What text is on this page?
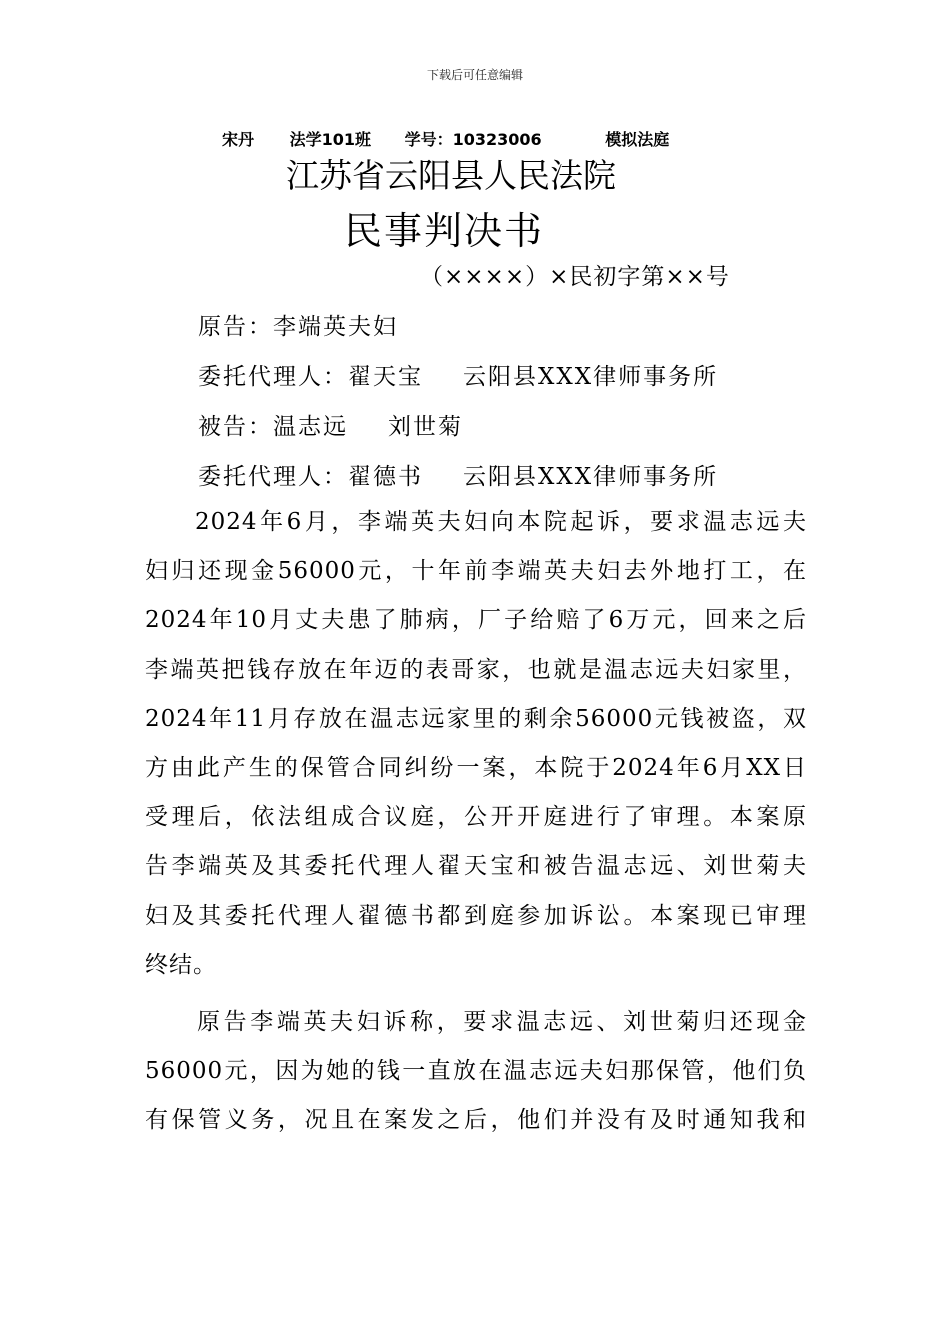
下载后可任意编辑
宋丹 法学101班 学号：10323006	模拟法庭
江苏省云阳县人民法院
民事判决书
（××××）×民初字第××号
原告：李端英夫妇
委托代理人：翟天宝 云阳县XXX律师事务所
被告：温志远 刘世菊
委托代理人：翟德书 云阳县XXX律师事务所
2024年6月，李端英夫妇向本院起诉，要求温志远夫
妇归还现金56000元，十年前李端英夫妇去外地打工，在
2024年10月丈夫患了肺病，厂子给赔了6万元，回来之后
李端英把钱存放在年迈的表哥家，也就是温志远夫妇家里，
2024年11月存放在温志远家里的剩余56000元钱被盗，双
方由此产生的保管合同纠纷一案，本院于2024年6月XX日
受理后，依法组成合议庭，公开开庭进行了审理。本案原
告李端英及其委托代理人翟天宝和被告温志远、刘世菊夫
妇及其委托代理人翟德书都到庭参加诉讼。本案现已审理
终结。
原告李端英夫妇诉称，要求温志远、刘世菊归还现金
56000元，因为她的钱一直放在温志远夫妇那保管，他们负
有保管义务，况且在案发之后，他们并没有及时通知我和
